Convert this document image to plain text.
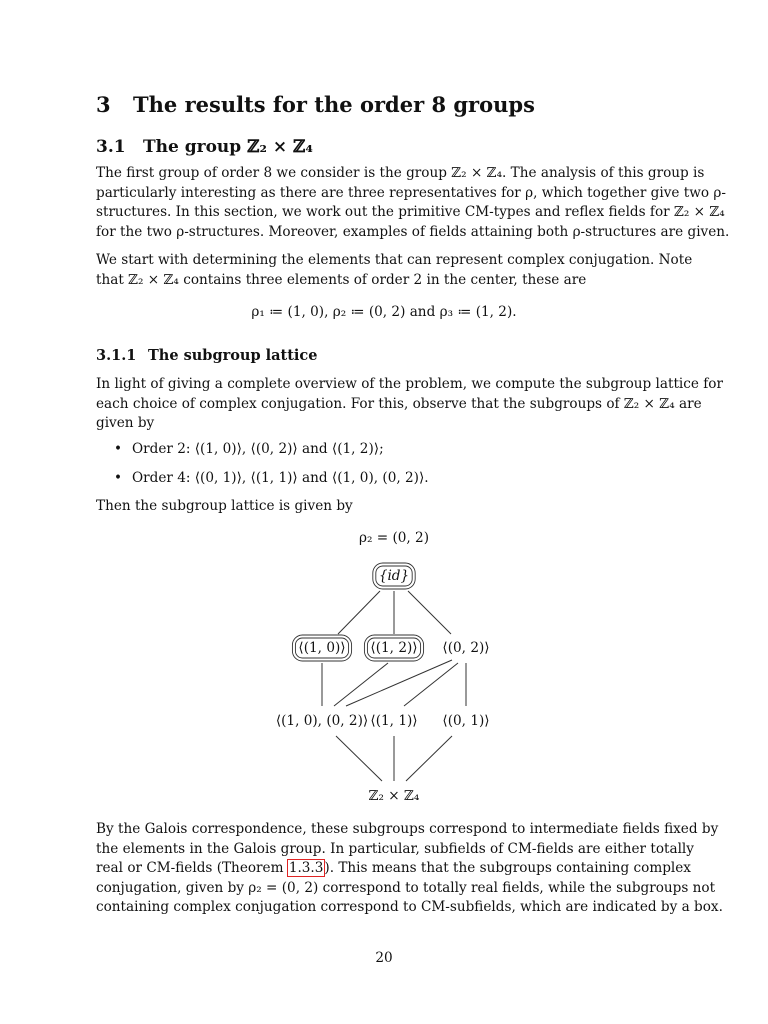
3 The results for the order 8 groups
3.1 The group ℤ₂ × ℤ₄
The first group of order 8 we consider is the group ℤ₂ × ℤ₄. The analysis of this group is
particularly interesting as there are three representatives for ρ, which together give two ρ-
structures. In this section, we work out the primitive CM-types and reflex fields for ℤ₂ × ℤ₄
for the two ρ-structures. Moreover, examples of fields attaining both ρ-structures are given.
We start with determining the elements that can represent complex conjugation. Note
that ℤ₂ × ℤ₄ contains three elements of order 2 in the center, these are
ρ₁ ≔ (1, 0), ρ₂ ≔ (0, 2) and ρ₃ ≔ (1, 2).
3.1.1 The subgroup lattice
In light of giving a complete overview of the problem, we compute the subgroup lattice for
each choice of complex conjugation. For this, observe that the subgroups of ℤ₂ × ℤ₄ are
given by
• Order 2: ⟨(1, 0)⟩, ⟨(0, 2)⟩ and ⟨(1, 2)⟩;
• Order 4: ⟨(0, 1)⟩, ⟨(1, 1)⟩ and ⟨(1, 0), (0, 2)⟩.
Then the subgroup lattice is given by
By the Galois correspondence, these subgroups correspond to intermediate fields fixed by
the elements in the Galois group. In particular, subfields of CM-fields are either totally
real or CM-fields (Theorem 1.3.3). This means that the subgroups containing complex
conjugation, given by ρ₂ = (0, 2) correspond to totally real fields, while the subgroups not
containing complex conjugation correspond to CM-subfields, which are indicated by a box.
ρ₂ = (0, 2)
{id}
⟨(1, 0)⟩ ⟨(1, 2)⟩ ⟨(0, 2)⟩
⟨(1, 0), (0, 2)⟩ ⟨(1, 1)⟩ ⟨(0, 1)⟩
ℤ₂ × ℤ₄
20
